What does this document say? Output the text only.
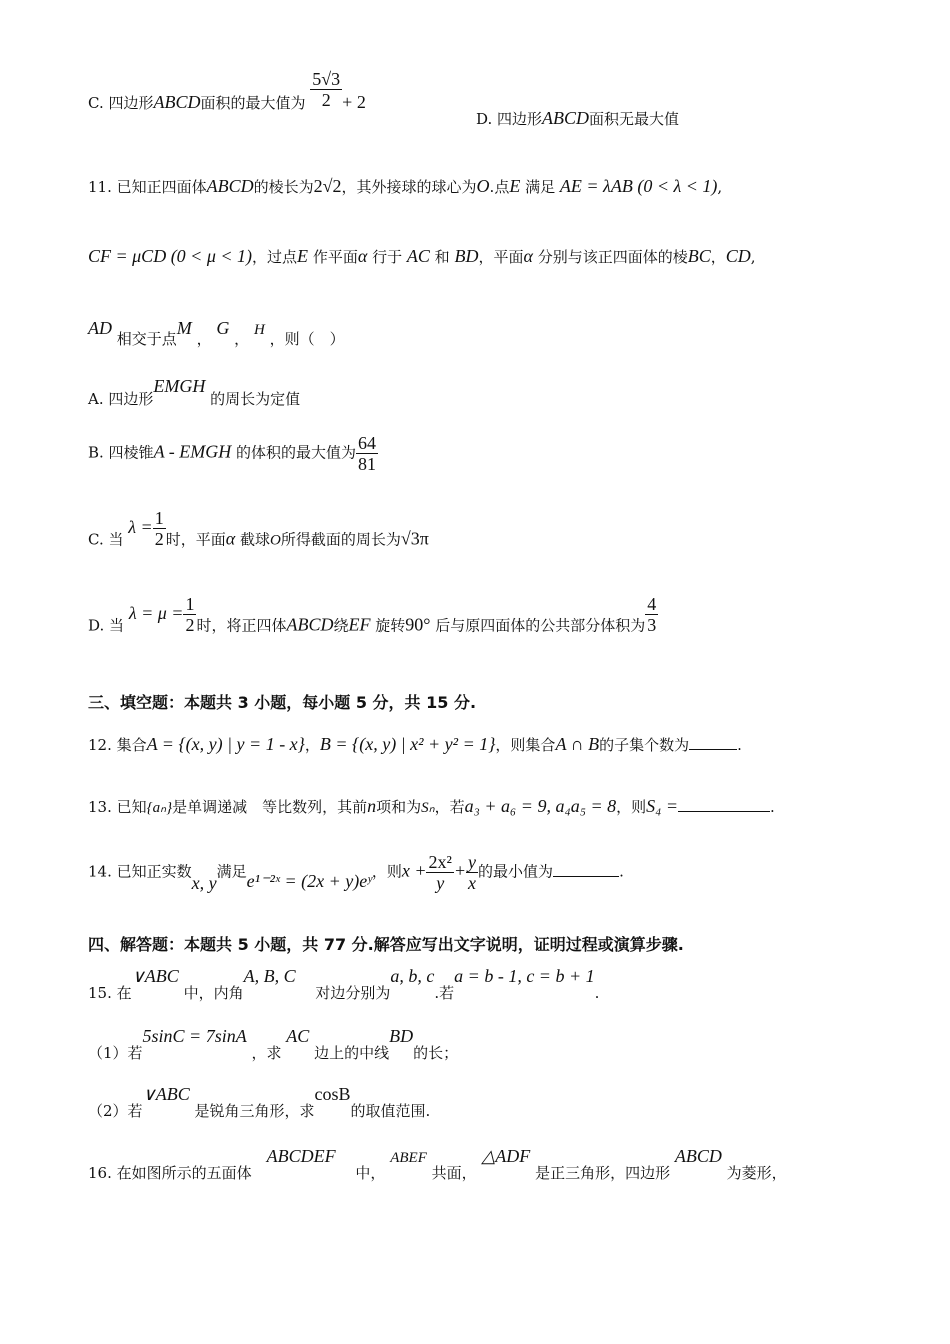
C. 四边形ABCD面积的最大值为 $\frac{5√3}{2} + 2$
D. 四边形ABCD面积无最大值
11. 已知正四面体ABCD的棱长为2√2，其外接球的球心为O.点E 满足 AE = λAB (0 < λ < 1),
CF = μCD (0 < μ < 1)，过点E 作平面α 行于 AC 和 BD，平面α 分别与该正四面体的棱BC，CD,
AD 相交于点M ， G ， H ，则（　）
A. 四边形EMGH 的周长为定值
B. 四棱锥A - EMGH 的体积的最大值为 $\frac{64}{81}$
C. 当 $\lambda = \frac{1}{2}$ 时，平面α 截球O所得截面的周长为√3π
D. 当 $\lambda = \mu = \frac{1}{2}$ 时，将正四体ABCD绕EF 旋转90° 后与原四面体的公共部分体积为 $\frac{4}{3}$
三、填空题：本题共 3 小题，每小题 5 分，共 15 分.
12. 集合A = {(x, y) | y = 1 - x}，B = {(x, y) | x² + y² = 1}，则集合A ∩ B的子集个数为	.
13. 已知{aₙ}是单调递减　等比数列，其前n项和为Sₙ，若a₃ + a₆ = 9, a₄a₅ = 8，则S₄ =	.
14. 已知正实数x, y满足e¹⁻²ˣ = (2x + y)eʸ，则$x + \frac{\text{2x²}}{y} + \frac{y}{x}$ 的最小值为	.
四、解答题：本题共 5 小题，共 77 分.解答应写出文字说明，证明过程或演算步骤.
15. 在∨ABC 中，内角A, B, C　 对边分别为a, b, c.若a = b - 1, c = b + 1.
（1）若5sinC = 7sinA ，求 AC 边上的中线BD的长；
（2）若∨ABC 是锐角三角形，求cosB的取值范围.
16. 在如图所示的五面体　ABCDEF　 中， ABEF 共面， △ADF 是正三角形，四边形 ABCD 为菱形，
